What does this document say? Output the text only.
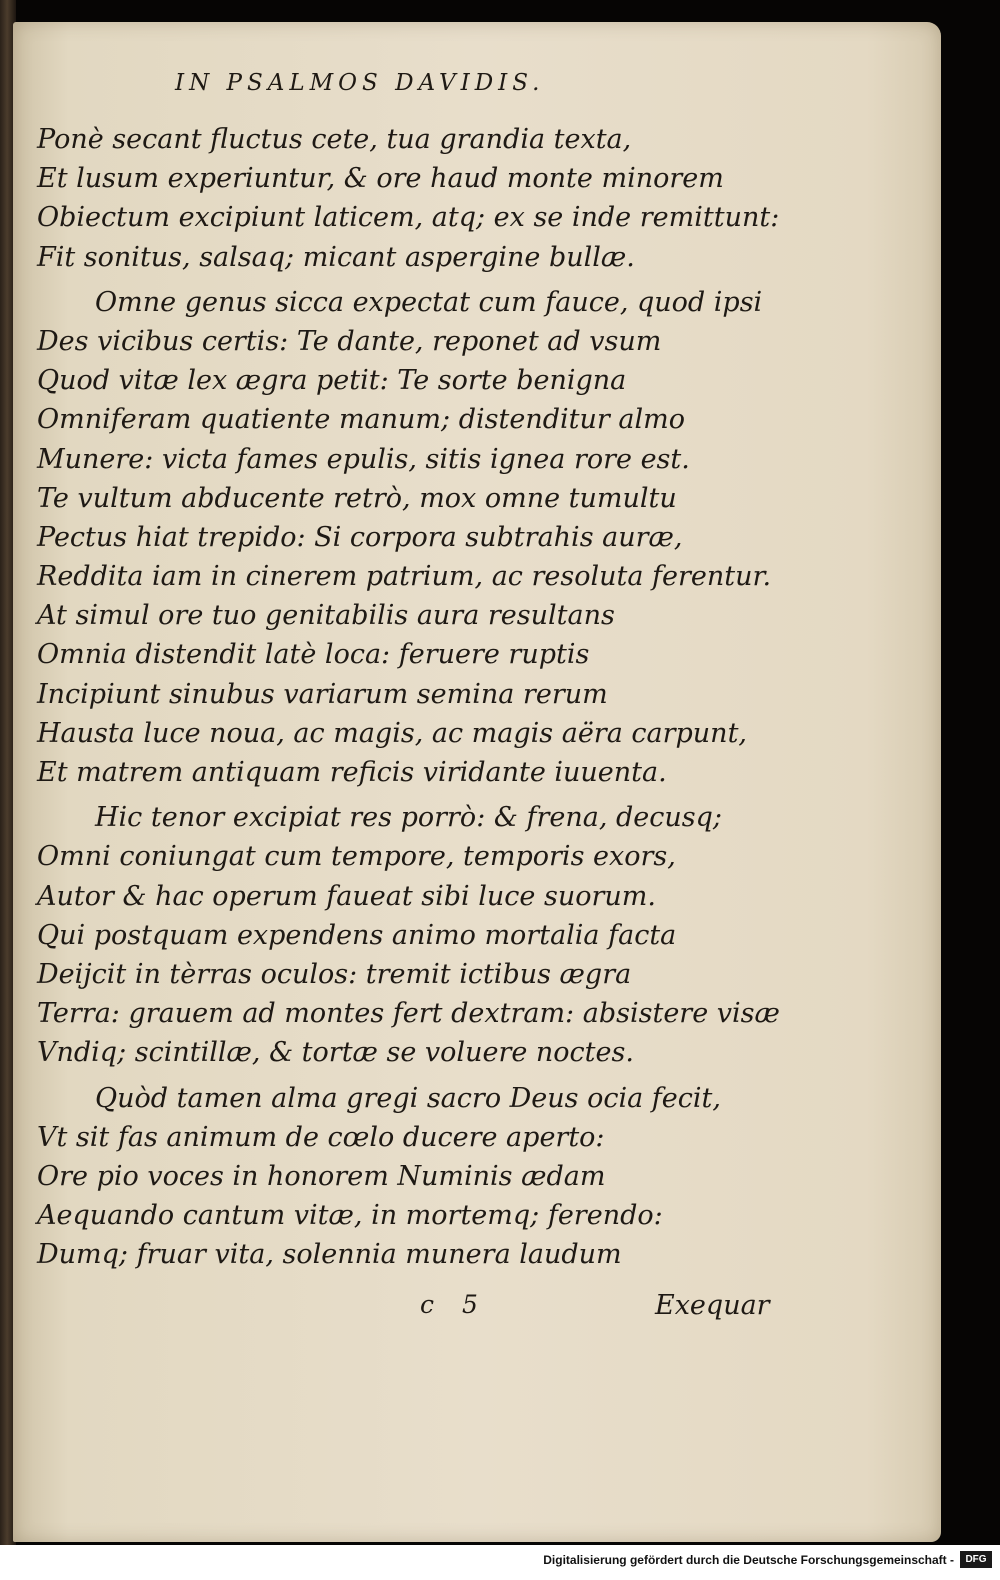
IN PSALMOS DAVIDIS.
Ponè secant fluctus cete, tua grandia texta,
Et lusum experiuntur, & ore haud monte minorem
Obiectum excipiunt laticem, atq; ex se inde remittunt:
Fit sonitus, salsaq; micant aspergine bullæ.
Omne genus sicca expectat cum fauce, quod ipsi
Des vicibus certis: Te dante, reponet ad vsum
Quod vitæ lex ægra petit: Te sorte benigna
Omniferam quatiente manum; distenditur almo
Munere: victa fames epulis, sitis ignea rore est.
Te vultum abducente retrò, mox omne tumultu
Pectus hiat trepido: Si corpora subtrahis auræ,
Reddita iam in cinerem patrium, ac resoluta ferentur.
At simul ore tuo genitabilis aura resultans
Omnia distendit latè loca: feruere ruptis
Incipiunt sinubus variarum semina rerum
Hausta luce noua, ac magis, ac magis aëra carpunt,
Et matrem antiquam reficis viridante iuuenta.
Hic tenor excipiat res porrò: & frena, decusq;
Omni coniungat cum tempore, temporis exors,
Autor & hac operum faueat sibi luce suorum.
Qui postquam expendens animo mortalia facta
Deijcit in tèrras oculos: tremit ictibus ægra
Terra: grauem ad montes fert dextram: absistere visæ
Vndiq; scintillæ, & tortæ se voluere noctes.
Quòd tamen alma gregi sacro Deus ocia fecit,
Vt sit fas animum de cœlo ducere aperto:
Ore pio voces in honorem Numinis ædam
Aequando cantum vitæ, in mortemq; ferendo:
Dumq; fruar vita, solennia munera laudum
c 5	Exequar
Digitalisierung gefördert durch die Deutsche Forschungsgemeinschaft -	DFG
